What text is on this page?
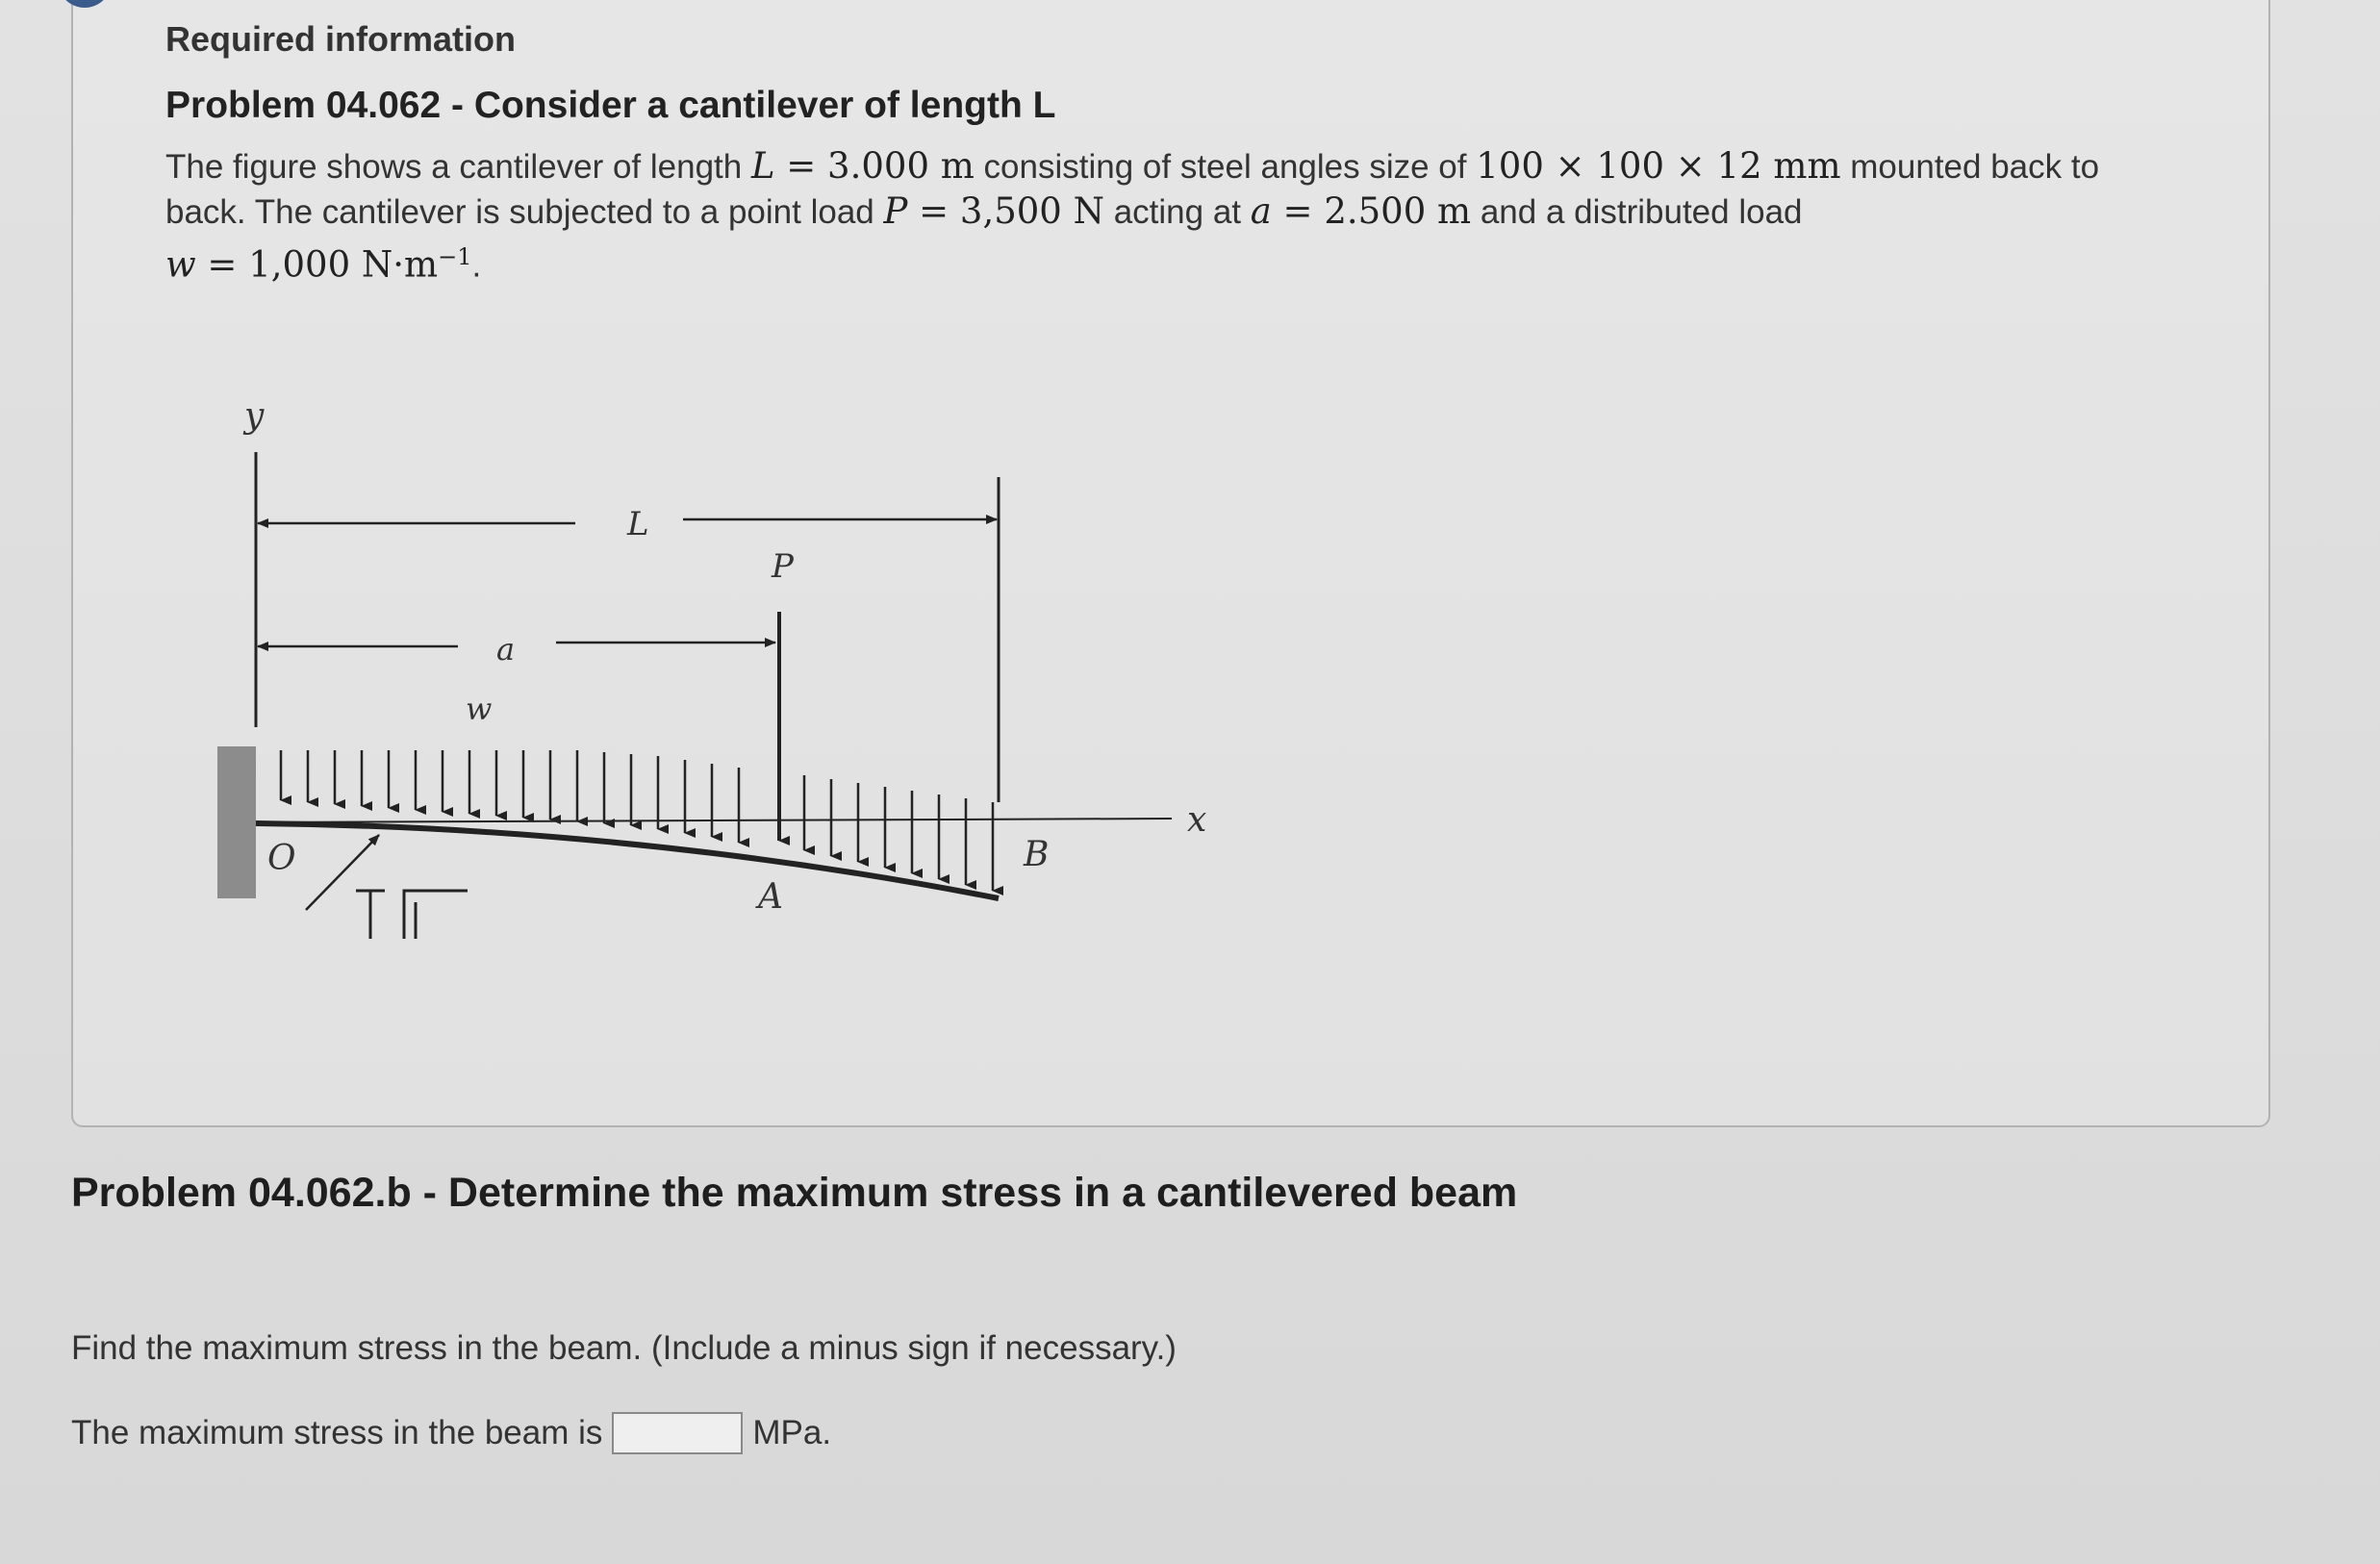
Required information
Problem 04.062 - Consider a cantilever of length L
The figure shows a cantilever of length L = 3.000 m consisting of steel angles size of 100 × 100 × 12 mm mounted back to back. The cantilever is subjected to a point load P = 3,500 N acting at a = 2.500 m and a distributed load
w = 1,000 $N\cdot m^{-1}$.
L
a
P
w
x
y
O
A
B
Problem 04.062.b - Determine the maximum stress in a cantilevered beam
Find the maximum stress in the beam. (Include a minus sign if necessary.)
The maximum stress in the beam is	MPa.
